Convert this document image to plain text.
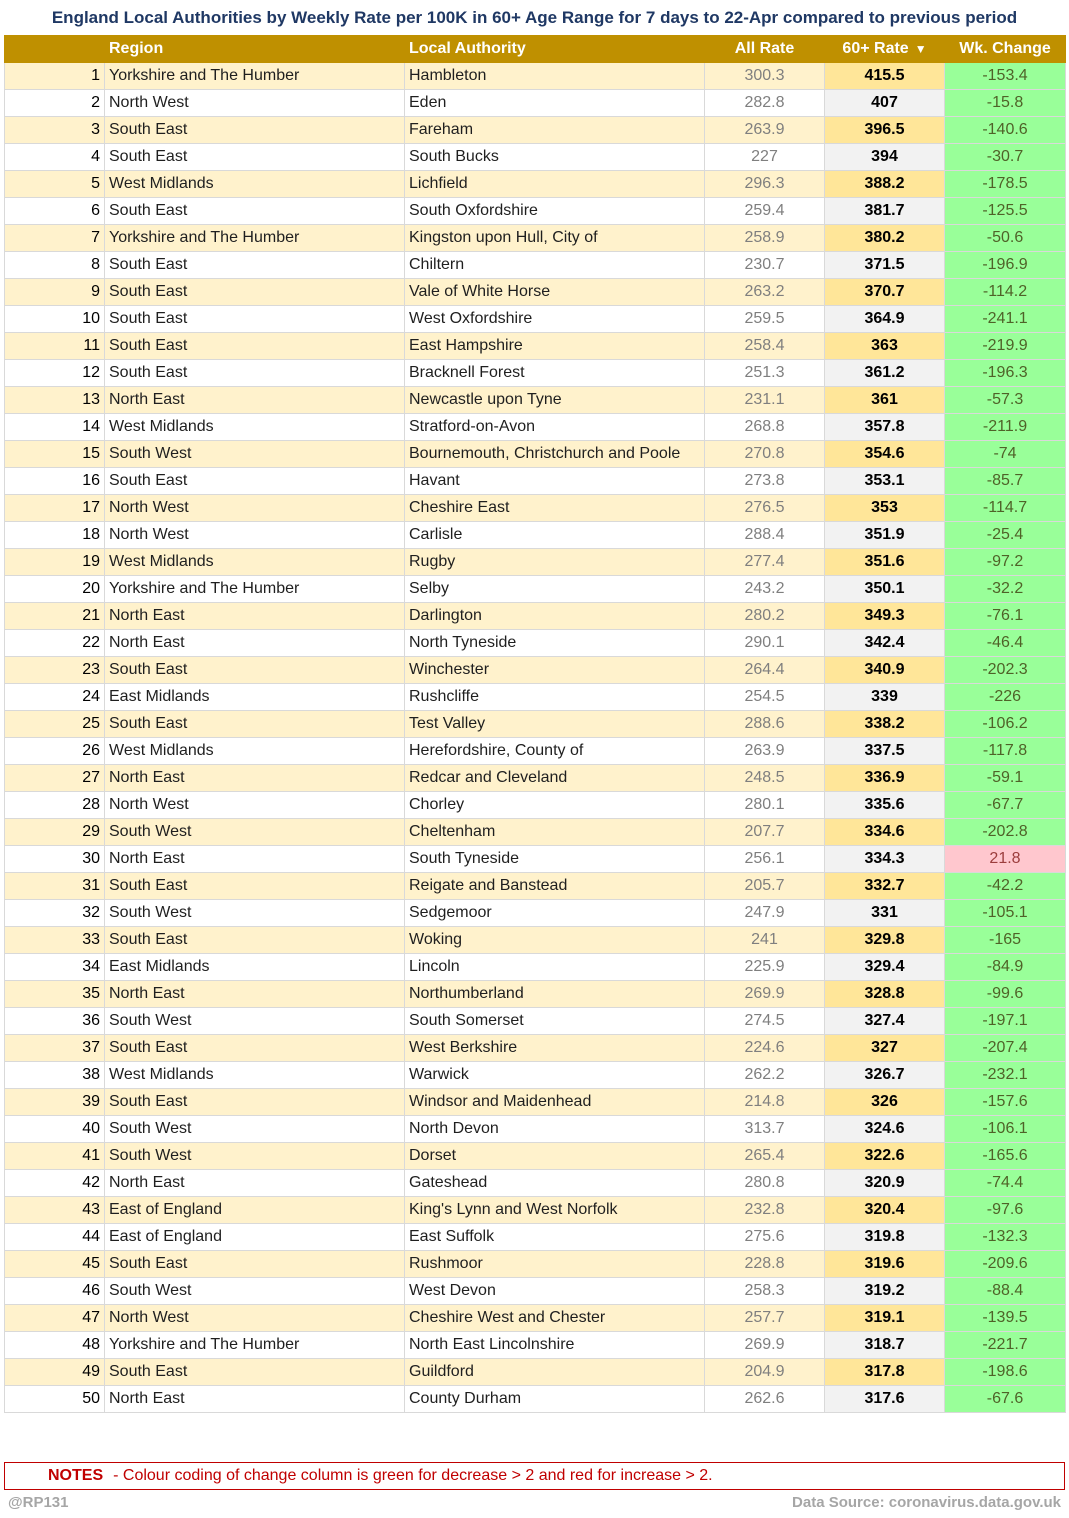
England Local Authorities by Weekly Rate per 100K in 60+ Age Range for 7 days to 22-Apr compared to previous period
	Region	Local Authority	All Rate	60+ Rate ▼	Wk. Change
1	Yorkshire and The Humber	Hambleton	300.3	415.5	-153.4
2	North West	Eden	282.8	407	-15.8
3	South East	Fareham	263.9	396.5	-140.6
4	South East	South Bucks	227	394	-30.7
5	West Midlands	Lichfield	296.3	388.2	-178.5
6	South East	South Oxfordshire	259.4	381.7	-125.5
7	Yorkshire and The Humber	Kingston upon Hull, City of	258.9	380.2	-50.6
8	South East	Chiltern	230.7	371.5	-196.9
9	South East	Vale of White Horse	263.2	370.7	-114.2
10	South East	West Oxfordshire	259.5	364.9	-241.1
11	South East	East Hampshire	258.4	363	-219.9
12	South East	Bracknell Forest	251.3	361.2	-196.3
13	North East	Newcastle upon Tyne	231.1	361	-57.3
14	West Midlands	Stratford-on-Avon	268.8	357.8	-211.9
15	South West	Bournemouth, Christchurch and Poole	270.8	354.6	-74
16	South East	Havant	273.8	353.1	-85.7
17	North West	Cheshire East	276.5	353	-114.7
18	North West	Carlisle	288.4	351.9	-25.4
19	West Midlands	Rugby	277.4	351.6	-97.2
20	Yorkshire and The Humber	Selby	243.2	350.1	-32.2
21	North East	Darlington	280.2	349.3	-76.1
22	North East	North Tyneside	290.1	342.4	-46.4
23	South East	Winchester	264.4	340.9	-202.3
24	East Midlands	Rushcliffe	254.5	339	-226
25	South East	Test Valley	288.6	338.2	-106.2
26	West Midlands	Herefordshire, County of	263.9	337.5	-117.8
27	North East	Redcar and Cleveland	248.5	336.9	-59.1
28	North West	Chorley	280.1	335.6	-67.7
29	South West	Cheltenham	207.7	334.6	-202.8
30	North East	South Tyneside	256.1	334.3	21.8
31	South East	Reigate and Banstead	205.7	332.7	-42.2
32	South West	Sedgemoor	247.9	331	-105.1
33	South East	Woking	241	329.8	-165
34	East Midlands	Lincoln	225.9	329.4	-84.9
35	North East	Northumberland	269.9	328.8	-99.6
36	South West	South Somerset	274.5	327.4	-197.1
37	South East	West Berkshire	224.6	327	-207.4
38	West Midlands	Warwick	262.2	326.7	-232.1
39	South East	Windsor and Maidenhead	214.8	326	-157.6
40	South West	North Devon	313.7	324.6	-106.1
41	South West	Dorset	265.4	322.6	-165.6
42	North East	Gateshead	280.8	320.9	-74.4
43	East of England	King's Lynn and West Norfolk	232.8	320.4	-97.6
44	East of England	East Suffolk	275.6	319.8	-132.3
45	South East	Rushmoor	228.8	319.6	-209.6
46	South West	West Devon	258.3	319.2	-88.4
47	North West	Cheshire West and Chester	257.7	319.1	-139.5
48	Yorkshire and The Humber	North East Lincolnshire	269.9	318.7	-221.7
49	South East	Guildford	204.9	317.8	-198.6
50	North East	County Durham	262.6	317.6	-67.6
NOTES - Colour coding of change column is green for decrease > 2 and red for increase > 2.
@RP131	Data Source: coronavirus.data.gov.uk
